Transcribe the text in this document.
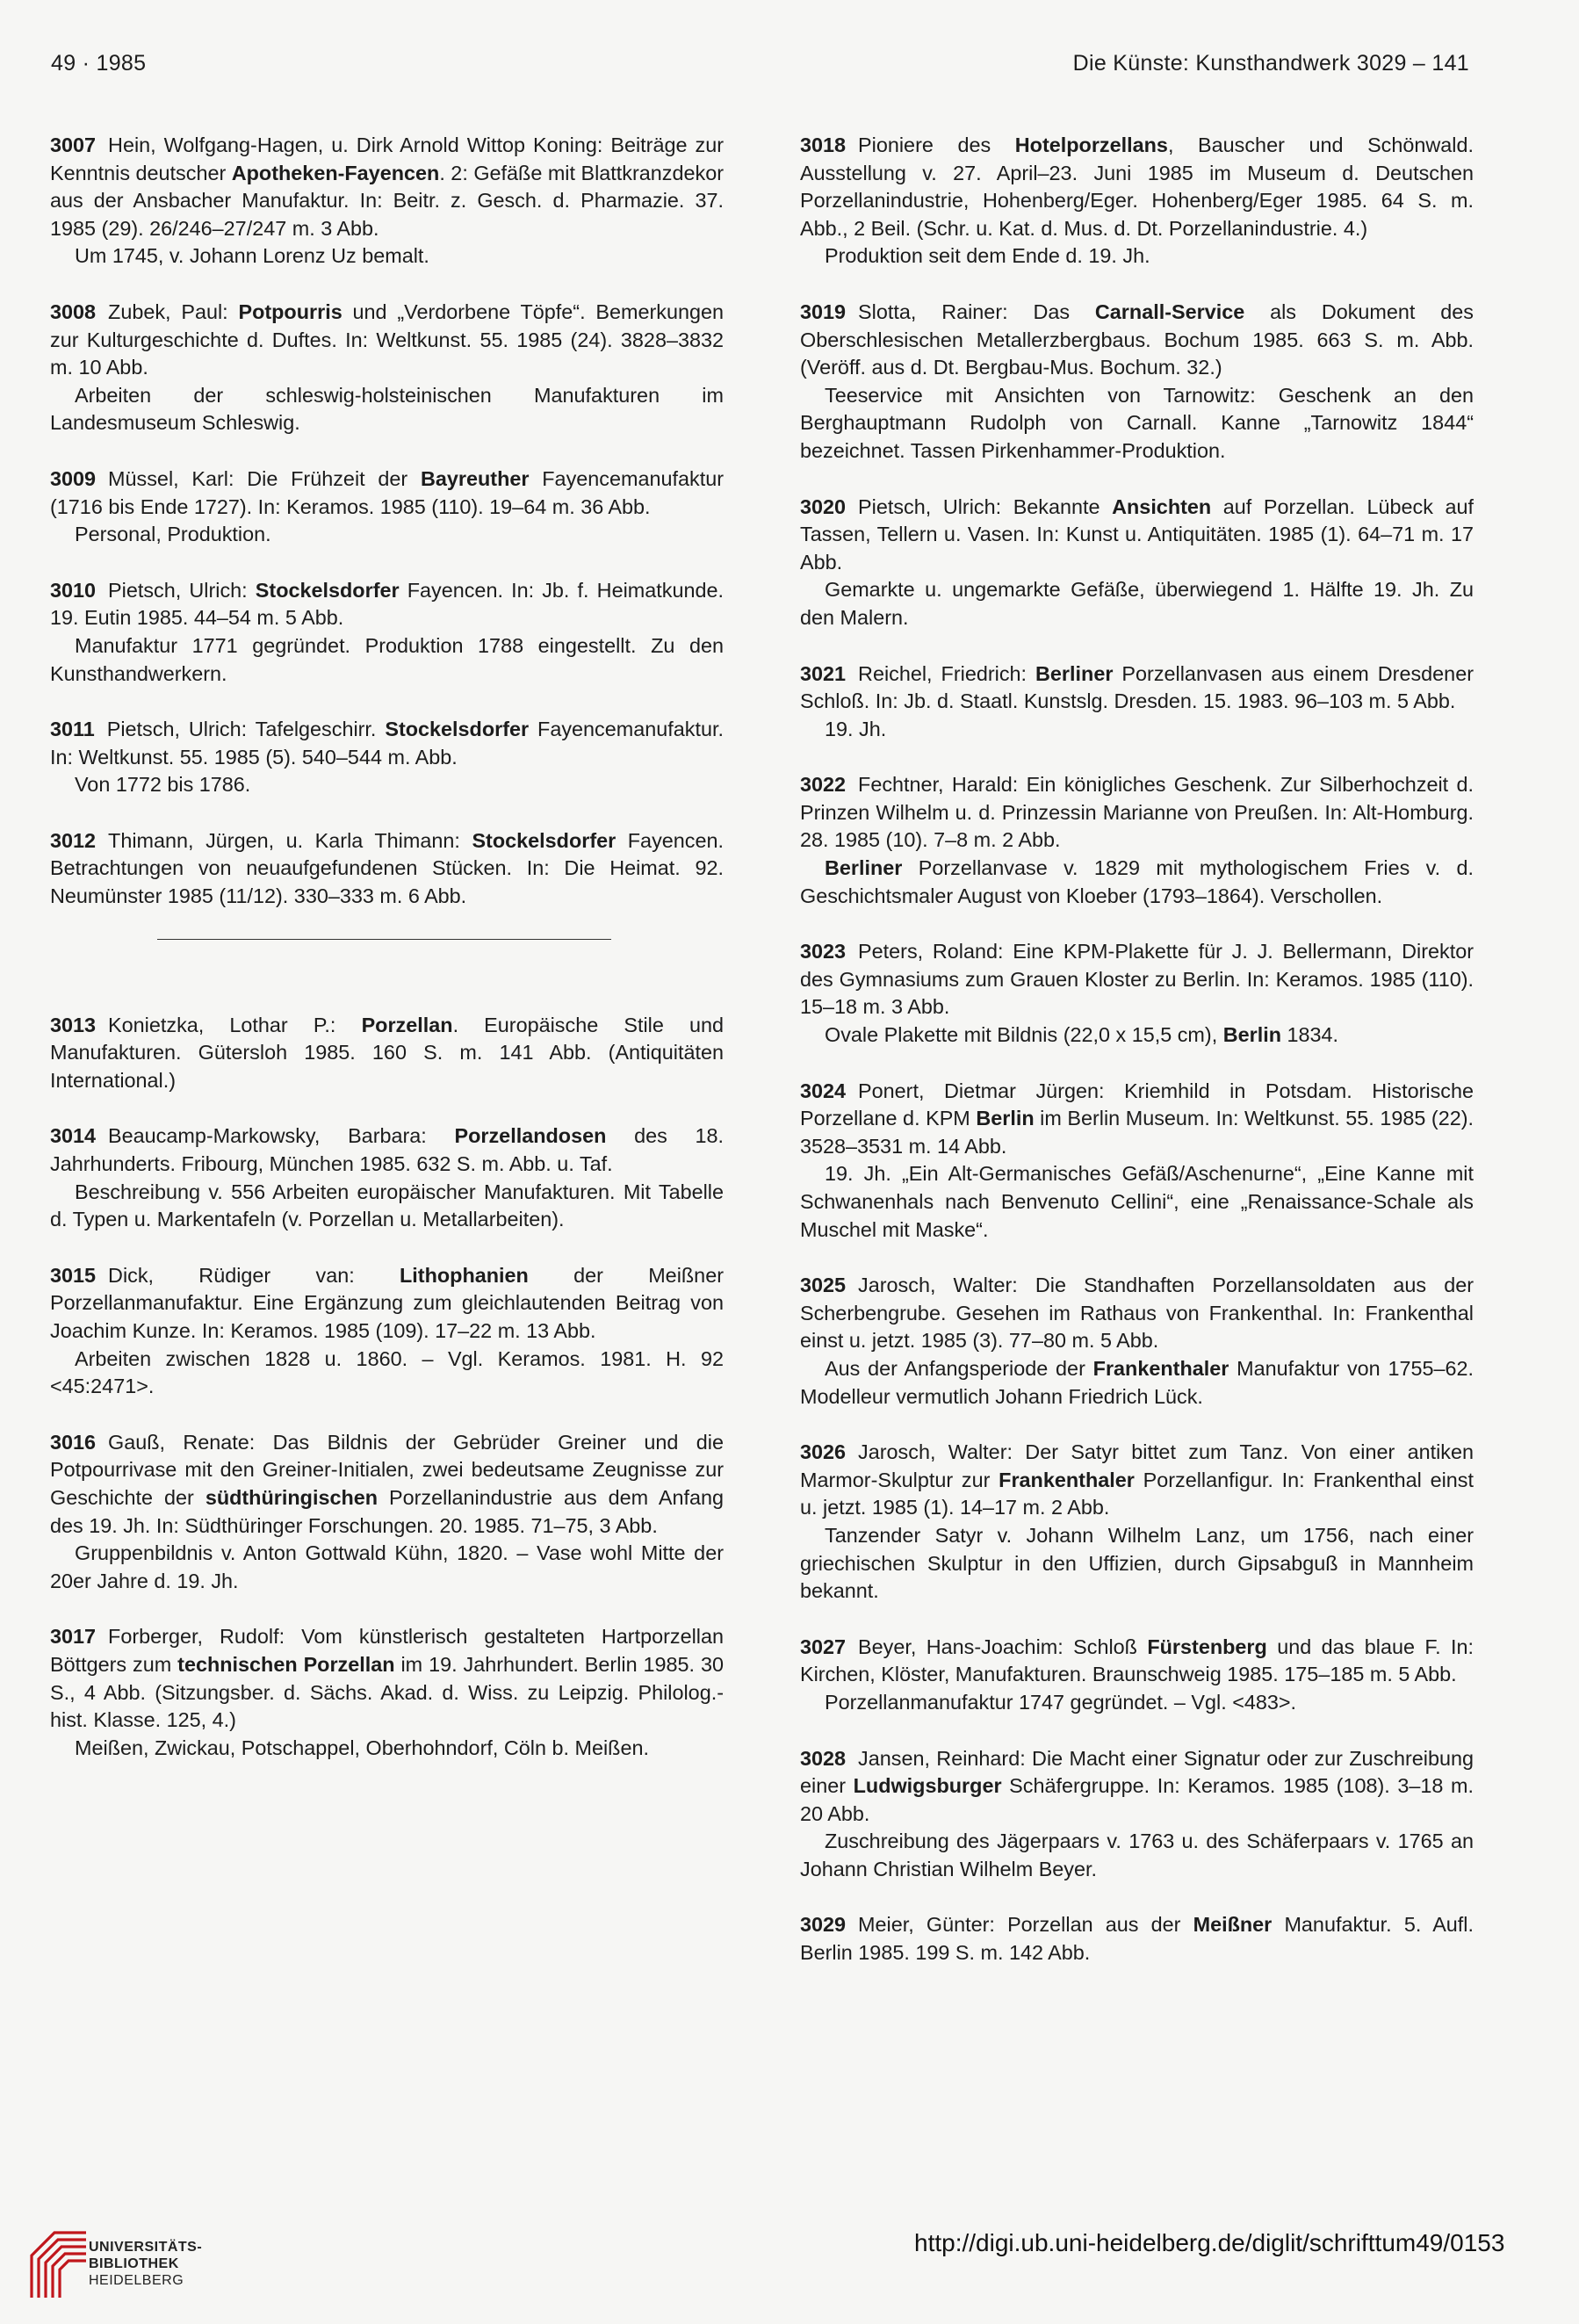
49 · 1985	Die Künste: Kunsthandwerk 3029 – 141

3007 Hein, Wolfgang-Hagen, u. Dirk Arnold Wittop Koning: Beiträge zur Kenntnis deutscher Apotheken-Fayencen. 2: Gefäße mit Blattkranzdekor aus der Ansbacher Manufaktur. In: Beitr. z. Gesch. d. Pharmazie. 37. 1985 (29). 26/246–27/247 m. 3 Abb.

Um 1745, v. Johann Lorenz Uz bemalt.

3008 Zubek, Paul: Potpourris und „Verdorbene Töpfe“. Bemerkungen zur Kulturgeschichte d. Duftes. In: Weltkunst. 55. 1985 (24). 3828–3832 m. 10 Abb.

Arbeiten der schleswig-holsteinischen Manufakturen im Landesmuseum Schleswig.

3009 Müssel, Karl: Die Frühzeit der Bayreuther Fayencemanufaktur (1716 bis Ende 1727). In: Keramos. 1985 (110). 19–64 m. 36 Abb.

Personal, Produktion.

3010 Pietsch, Ulrich: Stockelsdorfer Fayencen. In: Jb. f. Heimatkunde. 19. Eutin 1985. 44–54 m. 5 Abb.

Manufaktur 1771 gegründet. Produktion 1788 eingestellt. Zu den Kunsthandwerkern.

3011 Pietsch, Ulrich: Tafelgeschirr. Stockelsdorfer Fayencemanufaktur. In: Weltkunst. 55. 1985 (5). 540–544 m. Abb.

Von 1772 bis 1786.

3012 Thimann, Jürgen, u. Karla Thimann: Stockelsdorfer Fayencen. Betrachtungen von neuaufgefundenen Stücken. In: Die Heimat. 92. Neumünster 1985 (11/12). 330–333 m. 6 Abb.

3013 Konietzka, Lothar P.: Porzellan. Europäische Stile und Manufakturen. Gütersloh 1985. 160 S. m. 141 Abb. (Antiquitäten International.)

3014 Beaucamp-Markowsky, Barbara: Porzellandosen des 18. Jahrhunderts. Fribourg, München 1985. 632 S. m. Abb. u. Taf.

Beschreibung v. 556 Arbeiten europäischer Manufakturen. Mit Tabelle d. Typen u. Markentafeln (v. Porzellan u. Metallarbeiten).

3015 Dick, Rüdiger van: Lithophanien der Meißner Porzellanmanufaktur. Eine Ergänzung zum gleichlautenden Beitrag von Joachim Kunze. In: Keramos. 1985 (109). 17–22 m. 13 Abb.

Arbeiten zwischen 1828 u. 1860. – Vgl. Keramos. 1981. H. 92 <45:2471>.

3016 Gauß, Renate: Das Bildnis der Gebrüder Greiner und die Potpourrivase mit den Greiner-Initialen, zwei bedeutsame Zeugnisse zur Geschichte der südthüringischen Porzellanindustrie aus dem Anfang des 19. Jh. In: Südthüringer Forschungen. 20. 1985. 71–75, 3 Abb.

Gruppenbildnis v. Anton Gottwald Kühn, 1820. – Vase wohl Mitte der 20er Jahre d. 19. Jh.

3017 Forberger, Rudolf: Vom künstlerisch gestalteten Hartporzellan Böttgers zum technischen Porzellan im 19. Jahrhundert. Berlin 1985. 30 S., 4 Abb. (Sitzungsber. d. Sächs. Akad. d. Wiss. zu Leipzig. Philolog.-hist. Klasse. 125, 4.)

Meißen, Zwickau, Potschappel, Oberhohndorf, Cöln b. Meißen.

3018 Pioniere des Hotelporzellans, Bauscher und Schönwald. Ausstellung v. 27. April–23. Juni 1985 im Museum d. Deutschen Porzellanindustrie, Hohenberg/Eger. Hohenberg/Eger 1985. 64 S. m. Abb., 2 Beil. (Schr. u. Kat. d. Mus. d. Dt. Porzellanindustrie. 4.)

Produktion seit dem Ende d. 19. Jh.

3019 Slotta, Rainer: Das Carnall-Service als Dokument des Oberschlesischen Metallerzbergbaus. Bochum 1985. 663 S. m. Abb. (Veröff. aus d. Dt. Bergbau-Mus. Bochum. 32.)

Teeservice mit Ansichten von Tarnowitz: Geschenk an den Berghauptmann Rudolph von Carnall. Kanne „Tarnowitz 1844“ bezeichnet. Tassen Pirkenhammer-Produktion.

3020 Pietsch, Ulrich: Bekannte Ansichten auf Porzellan. Lübeck auf Tassen, Tellern u. Vasen. In: Kunst u. Antiquitäten. 1985 (1). 64–71 m. 17 Abb.

Gemarkte u. ungemarkte Gefäße, überwiegend 1. Hälfte 19. Jh. Zu den Malern.

3021 Reichel, Friedrich: Berliner Porzellanvasen aus einem Dresdener Schloß. In: Jb. d. Staatl. Kunstslg. Dresden. 15. 1983. 96–103 m. 5 Abb.

19. Jh.

3022 Fechtner, Harald: Ein königliches Geschenk. Zur Silberhochzeit d. Prinzen Wilhelm u. d. Prinzessin Marianne von Preußen. In: Alt-Homburg. 28. 1985 (10). 7–8 m. 2 Abb.

Berliner Porzellanvase v. 1829 mit mythologischem Fries v. d. Geschichtsmaler August von Kloeber (1793–1864). Verschollen.

3023 Peters, Roland: Eine KPM-Plakette für J. J. Bellermann, Direktor des Gymnasiums zum Grauen Kloster zu Berlin. In: Keramos. 1985 (110). 15–18 m. 3 Abb.

Ovale Plakette mit Bildnis (22,0 x 15,5 cm), Berlin 1834.

3024 Ponert, Dietmar Jürgen: Kriemhild in Potsdam. Historische Porzellane d. KPM Berlin im Berlin Museum. In: Weltkunst. 55. 1985 (22). 3528–3531 m. 14 Abb.

19. Jh. „Ein Alt-Germanisches Gefäß/Aschenurne“, „Eine Kanne mit Schwanenhals nach Benvenuto Cellini“, eine „Renaissance-Schale als Muschel mit Maske“.

3025 Jarosch, Walter: Die Standhaften Porzellansoldaten aus der Scherbengrube. Gesehen im Rathaus von Frankenthal. In: Frankenthal einst u. jetzt. 1985 (3). 77–80 m. 5 Abb.

Aus der Anfangsperiode der Frankenthaler Manufaktur von 1755–62. Modelleur vermutlich Johann Friedrich Lück.

3026 Jarosch, Walter: Der Satyr bittet zum Tanz. Von einer antiken Marmor-Skulptur zur Frankenthaler Porzellanfigur. In: Frankenthal einst u. jetzt. 1985 (1). 14–17 m. 2 Abb.

Tanzender Satyr v. Johann Wilhelm Lanz, um 1756, nach einer griechischen Skulptur in den Uffizien, durch Gipsabguß in Mannheim bekannt.

3027 Beyer, Hans-Joachim: Schloß Fürstenberg und das blaue F. In: Kirchen, Klöster, Manufakturen. Braunschweig 1985. 175–185 m. 5 Abb.

Porzellanmanufaktur 1747 gegründet. – Vgl. <483>.

3028 Jansen, Reinhard: Die Macht einer Signatur oder zur Zuschreibung einer Ludwigsburger Schäfergruppe. In: Keramos. 1985 (108). 3–18 m. 20 Abb.

Zuschreibung des Jägerpaars v. 1763 u. des Schäferpaars v. 1765 an Johann Christian Wilhelm Beyer.

3029 Meier, Günter: Porzellan aus der Meißner Manufaktur. 5. Aufl. Berlin 1985. 199 S. m. 142 Abb.

UNIVERSITÄTS-
BIBLIOTHEK
HEIDELBERG
http://digi.ub.uni-heidelberg.de/diglit/schrifttum49/0153
